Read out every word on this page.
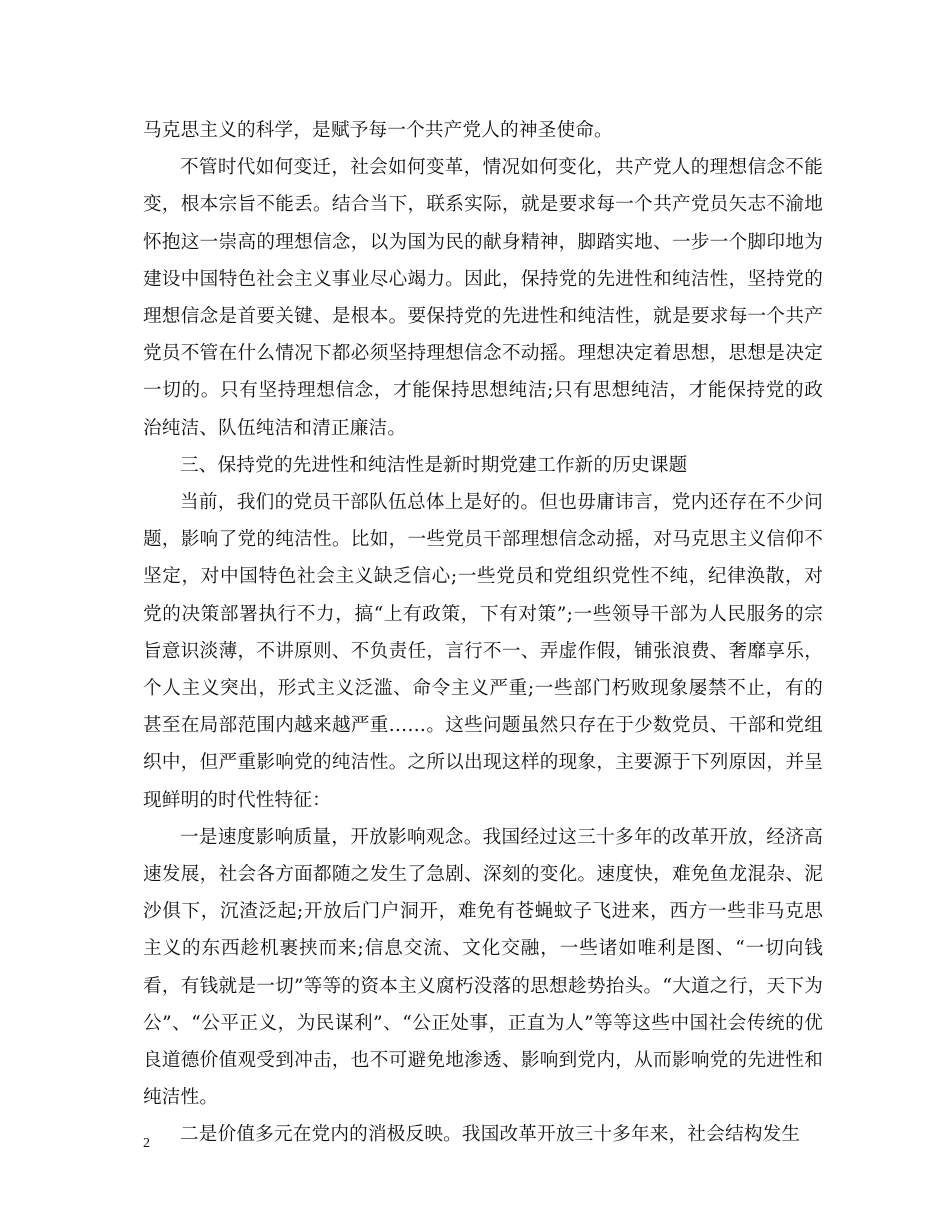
马克思主义的科学，是赋予每一个共产党人的神圣使命。

不管时代如何变迁，社会如何变革，情况如何变化，共产党人的理想信念不能变，根本宗旨不能丢。结合当下，联系实际，就是要求每一个共产党员矢志不渝地怀抱这一崇高的理想信念，以为国为民的献身精神，脚踏实地、一步一个脚印地为建设中国特色社会主义事业尽心竭力。因此，保持党的先进性和纯洁性，坚持党的理想信念是首要关键、是根本。要保持党的先进性和纯洁性，就是要求每一个共产党员不管在什么情况下都必须坚持理想信念不动摇。理想决定着思想，思想是决定一切的。只有坚持理想信念，才能保持思想纯洁;只有思想纯洁，才能保持党的政治纯洁、队伍纯洁和清正廉洁。

三、保持党的先进性和纯洁性是新时期党建工作新的历史课题

当前，我们的党员干部队伍总体上是好的。但也毋庸讳言，党内还存在不少问题，影响了党的纯洁性。比如，一些党员干部理想信念动摇，对马克思主义信仰不坚定，对中国特色社会主义缺乏信心;一些党员和党组织党性不纯，纪律涣散，对党的决策部署执行不力，搞“上有政策，下有对策”;一些领导干部为人民服务的宗旨意识淡薄，不讲原则、不负责任，言行不一、弄虚作假，铺张浪费、奢靡享乐，个人主义突出，形式主义泛滥、命令主义严重;一些部门朽败现象屡禁不止，有的甚至在局部范围内越来越严重……。这些问题虽然只存在于少数党员、干部和党组织中，但严重影响党的纯洁性。之所以出现这样的现象，主要源于下列原因，并呈现鲜明的时代性特征：

一是速度影响质量，开放影响观念。我国经过这三十多年的改革开放，经济高速发展，社会各方面都随之发生了急剧、深刻的变化。速度快，难免鱼龙混杂、泥沙俱下，沉渣泛起;开放后门户洞开，难免有苍蝇蚊子飞进来，西方一些非马克思主义的东西趁机裹挟而来;信息交流、文化交融，一些诸如唯利是图、“一切向钱看，有钱就是一切”等等的资本主义腐朽没落的思想趁势抬头。“大道之行，天下为公”、“公平正义，为民谋利”、“公正处事，正直为人”等等这些中国社会传统的优良道德价值观受到冲击，也不可避免地渗透、影响到党内，从而影响党的先进性和纯洁性。

二是价值多元在党内的消极反映。我国改革开放三十多年来，社会结构发生

2
